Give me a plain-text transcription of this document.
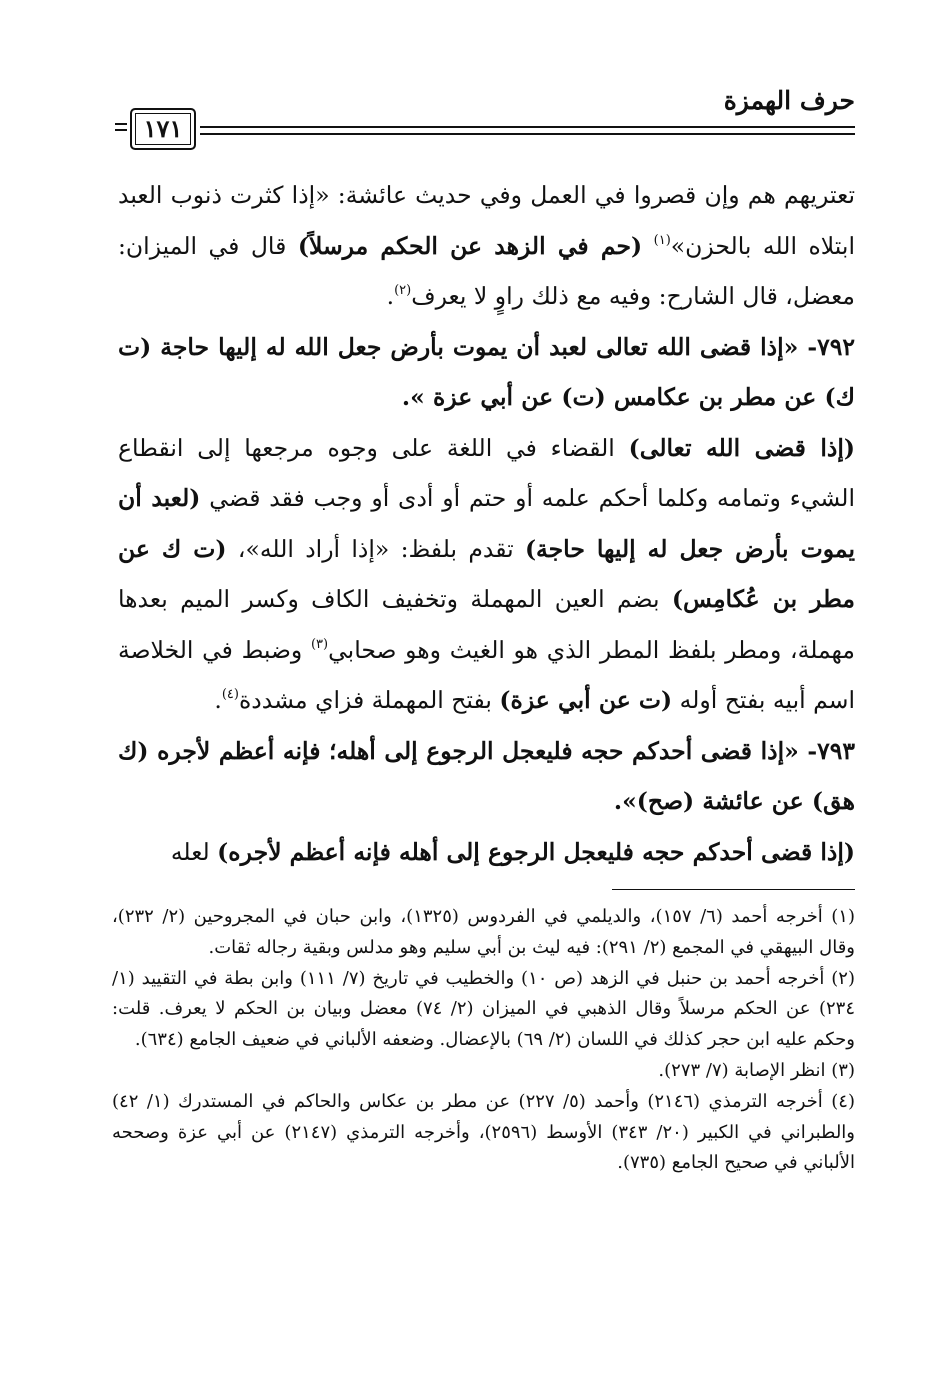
حرف الهمزة
١٧١

تعتريهم هم وإن قصروا في العمل وفي حديث عائشة: «إذا كثرت ذنوب العبد ابتلاه الله بالحزن»$^{(١)}$ (حم في الزهد عن الحكم مرسلاً) قال في الميزان: معضل، قال الشارح: وفيه مع ذلك راوٍ لا يعرف$^{(٢)}$.

٧٩٢- «إذا قضى الله تعالى لعبد أن يموت بأرض جعل الله له إليها حاجة (ت ك) عن مطر بن عكامس (ت) عن أبي عزة ».

(إذا قضى الله تعالى) القضاء في اللغة على وجوه مرجعها إلى انقطاع الشيء وتمامه وكلما أحكم علمه أو حتم أو أدى أو وجب فقد قضي (لعبد أن يموت بأرض جعل له إليها حاجة) تقدم بلفظ: «إذا أراد الله»، (ت ك عن مطر بن عُكامِس) بضم العين المهملة وتخفيف الكاف وكسر الميم بعدها مهملة، ومطر بلفظ المطر الذي هو الغيث وهو صحابي$^{(٣)}$ وضبط في الخلاصة اسم أبيه بفتح أوله (ت عن أبي عزة) بفتح المهملة فزاي مشددة$^{(٤)}$.

٧٩٣- «إذا قضى أحدكم حجه فليعجل الرجوع إلى أهله؛ فإنه أعظم لأجره (ك هق) عن عائشة (صح)».

(إذا قضى أحدكم حجه فليعجل الرجوع إلى أهله فإنه أعظم لأجره) لعله

(١) أخرجه أحمد (٦/ ١٥٧)، والديلمي في الفردوس (١٣٢٥)، وابن حبان في المجروحين (٢/ ٢٣٢)، وقال البيهقي في المجمع (٢/ ٢٩١): فيه ليث بن أبي سليم وهو مدلس وبقية رجاله ثقات.

(٢) أخرجه أحمد بن حنبل في الزهد (ص ١٠) والخطيب في تاريخ (٧/ ١١١) وابن بطة في التقييد (١/ ٢٣٤) عن الحكم مرسلاً وقال الذهبي في الميزان (٢/ ٧٤) معضل وبيان بن الحكم لا يعرف. قلت: وحكم عليه ابن حجر كذلك في اللسان (٢/ ٦٩) بالإعضال. وضعفه الألباني في ضعيف الجامع (٦٣٤).

(٣) انظر الإصابة (٧/ ٢٧٣).

(٤) أخرجه الترمذي (٢١٤٦) وأحمد (٥/ ٢٢٧) عن مطر بن عكاس والحاكم في المستدرك (١/ ٤٢) والطبراني في الكبير (٢٠/ ٣٤٣) الأوسط (٢٥٩٦)، وأخرجه الترمذي (٢١٤٧) عن أبي عزة وصححه الألباني في صحيح الجامع (٧٣٥).
